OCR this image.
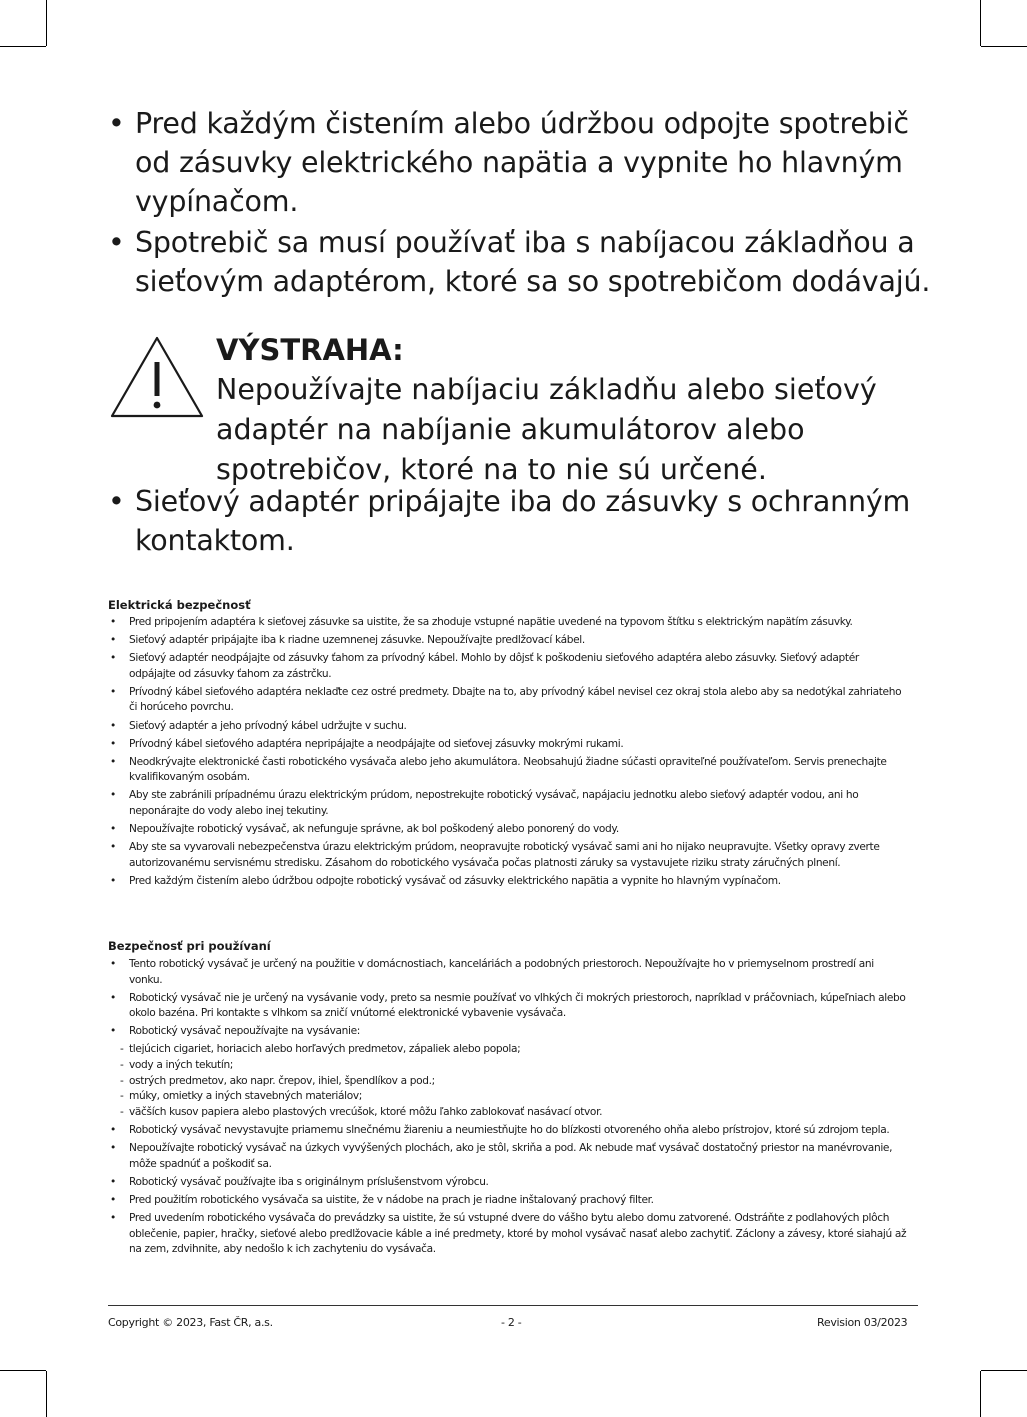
• Pred každým čistením alebo údržbou odpojte spotrebič od zásuvky elektrického napätia a vypnite ho hlavným vypínačom.
• Spotrebič sa musí používať iba s nabíjacou základňou a sieťovým adaptérom, ktoré sa so spotrebičom dodávajú.
VÝSTRAHA:
Nepoužívajte nabíjaciu základňu alebo sieťový adaptér na nabíjanie akumulátorov alebo spotrebičov, ktoré na to nie sú určené.
• Sieťový adaptér pripájajte iba do zásuvky s ochranným kontaktom.
Elektrická bezpečnosť
• Pred pripojením adaptéra k sieťovej zásuvke sa uistite, že sa zhoduje vstupné napätie uvedené na typovom štítku s elektrickým napätím zásuvky.
• Sieťový adaptér pripájajte iba k riadne uzemnenej zásuvke. Nepoužívajte predlžovací kábel.
• Sieťový adaptér neodpájajte od zásuvky ťahom za prívodný kábel. Mohlo by dôjsť k poškodeniu sieťového adaptéra alebo zásuvky. Sieťový adaptér odpájajte od zásuvky ťahom za zástrčku.
• Prívodný kábel sieťového adaptéra neklaďte cez ostré predmety. Dbajte na to, aby prívodný kábel nevisel cez okraj stola alebo aby sa nedotýkal zahriateho či horúceho povrchu.
• Sieťový adaptér a jeho prívodný kábel udržujte v suchu.
• Prívodný kábel sieťového adaptéra nepripájajte a neodpájajte od sieťovej zásuvky mokrými rukami.
• Neodkrývajte elektronické časti robotického vysávača alebo jeho akumulátora. Neobsahujú žiadne súčasti opraviteľné používateľom. Servis prenechajte kvalifikovaným osobám.
• Aby ste zabránili prípadnému úrazu elektrickým prúdom, nepostrekujte robotický vysávač, napájaciu jednotku alebo sieťový adaptér vodou, ani ho neponárajte do vody alebo inej tekutiny.
• Nepoužívajte robotický vysávač, ak nefunguje správne, ak bol poškodený alebo ponorený do vody.
• Aby ste sa vyvarovali nebezpečenstva úrazu elektrickým prúdom, neopravujte robotický vysávač sami ani ho nijako neupravujte. Všetky opravy zverte autorizovanému servisnému stredisku. Zásahom do robotického vysávača počas platnosti záruky sa vystavujete riziku straty záručných plnení.
• Pred každým čistením alebo údržbou odpojte robotický vysávač od zásuvky elektrického napätia a vypnite ho hlavným vypínačom.
Bezpečnosť pri používaní
• Tento robotický vysávač je určený na použitie v domácnostiach, kanceláriách a podobných priestoroch. Nepoužívajte ho v priemyselnom prostredí ani vonku.
• Robotický vysávač nie je určený na vysávanie vody, preto sa nesmie používať vo vlhkých či mokrých priestoroch, napríklad v práčovniach, kúpeľniach alebo okolo bazéna. Pri kontakte s vlhkom sa zničí vnútorné elektronické vybavenie vysávača.
• Robotický vysávač nepoužívajte na vysávanie:
- tlejúcich cigariet, horiacich alebo horľavých predmetov, zápaliek alebo popola;
- vody a iných tekutín;
- ostrých predmetov, ako napr. črepov, ihiel, špendlíkov a pod.;
- múky, omietky a iných stavebných materiálov;
- väčších kusov papiera alebo plastových vrecúšok, ktoré môžu ľahko zablokovať nasávací otvor.
• Robotický vysávač nevystavujte priamemu slnečnému žiareniu a neumiestňujte ho do blízkosti otvoreného ohňa alebo prístrojov, ktoré sú zdrojom tepla.
• Nepoužívajte robotický vysávač na úzkych vyvýšených plochách, ako je stôl, skriňa a pod. Ak nebude mať vysávač dostatočný priestor na manévrovanie, môže spadnúť a poškodiť sa.
• Robotický vysávač používajte iba s originálnym príslušenstvom výrobcu.
• Pred použitím robotického vysávača sa uistite, že v nádobe na prach je riadne inštalovaný prachový filter.
• Pred uvedením robotického vysávača do prevádzky sa uistite, že sú vstupné dvere do vášho bytu alebo domu zatvorené. Odstráňte z podlahových plôch oblečenie, papier, hračky, sieťové alebo predlžovacie káble a iné predmety, ktoré by mohol vysávač nasať alebo zachytiť. Záclony a závesy, ktoré siahajú až na zem, zdvihnite, aby nedošlo k ich zachyteniu do vysávača.
Copyright © 2023, Fast ČR, a.s.	- 2 -	Revision 03/2023
